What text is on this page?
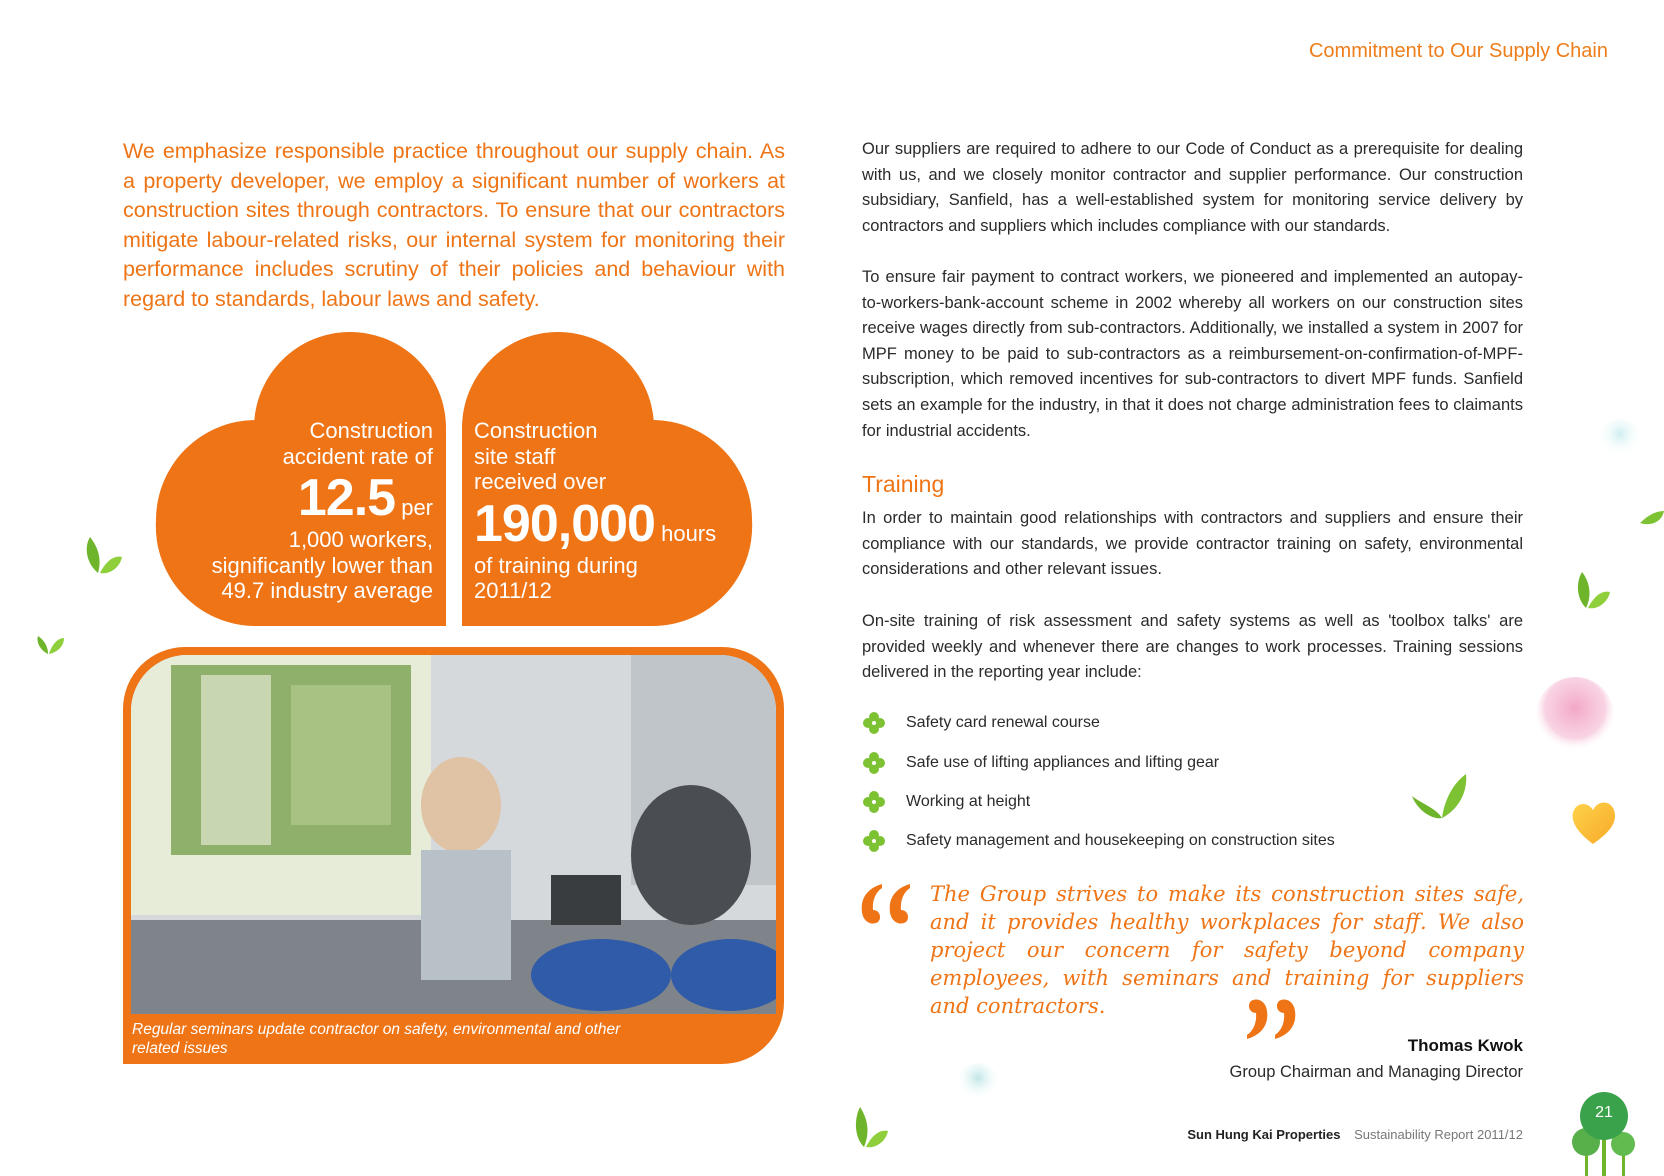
Commitment to Our Supply Chain
We emphasize responsible practice throughout our supply chain. As a property developer, we employ a significant number of workers at construction sites through contractors. To ensure that our contractors mitigate labour-related risks, our internal system for monitoring their performance includes scrutiny of their policies and behaviour with regard to standards, labour laws and safety.
Construction
accident rate of
12.5 per
1,000 workers,
significantly lower than
49.7 industry average
Construction
site staff
received over
190,000 hours
of training during
2011/12
Regular seminars update contractor on safety, environmental and other related issues
Our suppliers are required to adhere to our Code of Conduct as a prerequisite for dealing with us, and we closely monitor contractor and supplier performance. Our construction subsidiary, Sanfield, has a well-established system for monitoring service delivery by contractors and suppliers which includes compliance with our standards.
To ensure fair payment to contract workers, we pioneered and implemented an autopay-to-workers-bank-account scheme in 2002 whereby all workers on our construction sites receive wages directly from sub-contractors. Additionally, we installed a system in 2007 for MPF money to be paid to sub-contractors as a reimbursement-on-confirmation-of-MPF-subscription, which removed incentives for sub-contractors to divert MPF funds. Sanfield sets an example for the industry, in that it does not charge administration fees to claimants for industrial accidents.
Training
In order to maintain good relationships with contractors and suppliers and ensure their compliance with our standards, we provide contractor training on safety, environmental considerations and other relevant issues.
On-site training of risk assessment and safety systems as well as 'toolbox talks' are provided weekly and whenever there are changes to work processes. Training sessions delivered in the reporting year include:
Safety card renewal course
Safe use of lifting appliances and lifting gear
Working at height
Safety management and housekeeping on construction sites
The Group strives to make its construction sites safe, and it provides healthy workplaces for staff. We also project our concern for safety beyond company employees, with seminars and training for suppliers and contractors.
Thomas Kwok
Group Chairman and Managing Director
Sun Hung Kai Properties Sustainability Report 2011/12
21
